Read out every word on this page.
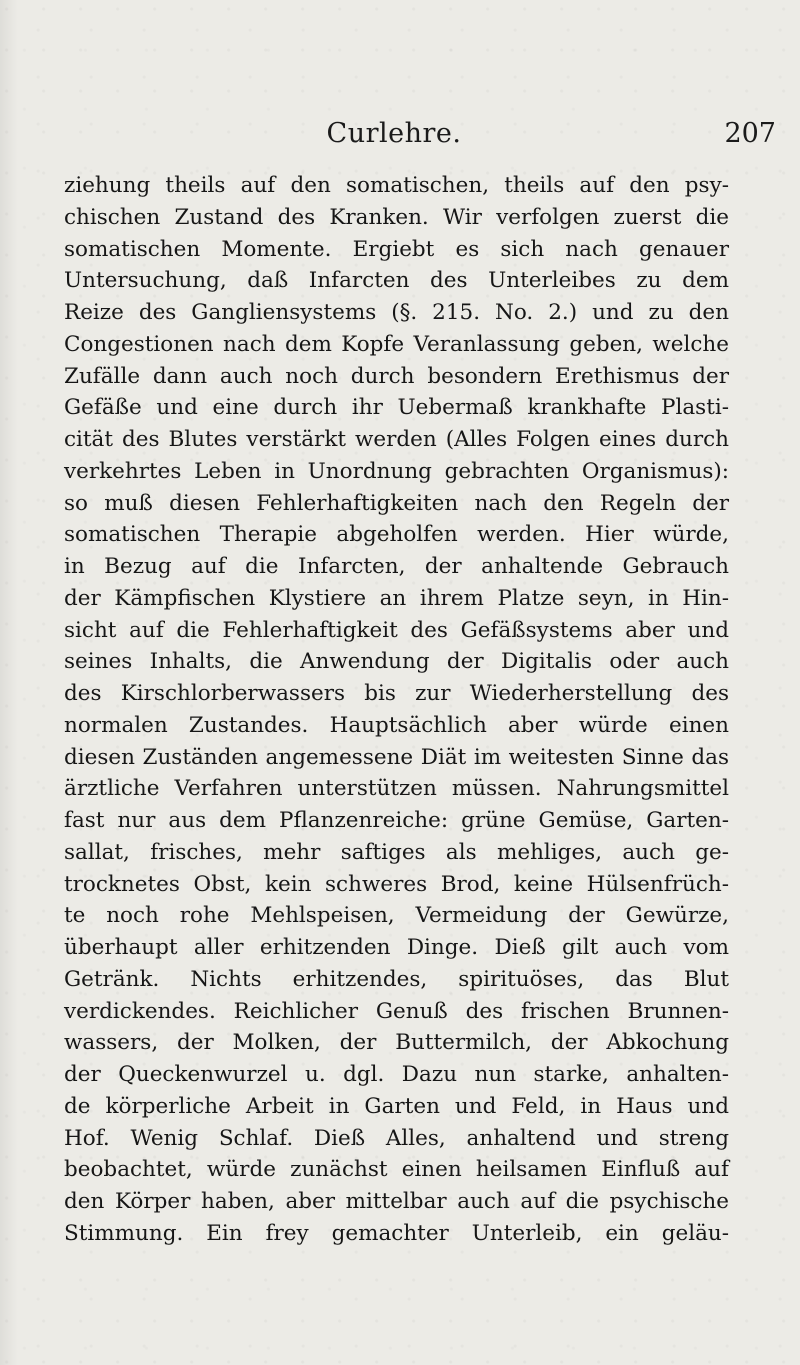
Curlehre.	207
ziehung theils auf den somatischen, theils auf den psy-
chischen Zustand des Kranken. Wir verfolgen zuerst die
somatischen Momente. Ergiebt es sich nach genauer
Untersuchung, daß Infarcten des Unterleibes zu dem
Reize des Gangliensystems (§. 215. No. 2.) und zu den
Congestionen nach dem Kopfe Veranlassung geben, welche
Zufälle dann auch noch durch besondern Erethismus der
Gefäße und eine durch ihr Uebermaß krankhafte Plasti-
cität des Blutes verstärkt werden (Alles Folgen eines durch
verkehrtes Leben in Unordnung gebrachten Organismus):
so muß diesen Fehlerhaftigkeiten nach den Regeln der
somatischen Therapie abgeholfen werden. Hier würde,
in Bezug auf die Infarcten, der anhaltende Gebrauch
der Kämpfischen Klystiere an ihrem Platze seyn, in Hin-
sicht auf die Fehlerhaftigkeit des Gefäßsystems aber und
seines Inhalts, die Anwendung der Digitalis oder auch
des Kirschlorberwassers bis zur Wiederherstellung des
normalen Zustandes. Hauptsächlich aber würde einen
diesen Zuständen angemessene Diät im weitesten Sinne das
ärztliche Verfahren unterstützen müssen. Nahrungsmittel
fast nur aus dem Pflanzenreiche: grüne Gemüse, Garten-
sallat, frisches, mehr saftiges als mehliges, auch ge-
trocknetes Obst, kein schweres Brod, keine Hülsenfrüch-
te noch rohe Mehlspeisen, Vermeidung der Gewürze,
überhaupt aller erhitzenden Dinge. Dieß gilt auch vom
Getränk. Nichts erhitzendes, spirituöses, das Blut
verdickendes. Reichlicher Genuß des frischen Brunnen-
wassers, der Molken, der Buttermilch, der Abkochung
der Queckenwurzel u. dgl. Dazu nun starke, anhalten-
de körperliche Arbeit in Garten und Feld, in Haus und
Hof. Wenig Schlaf. Dieß Alles, anhaltend und streng
beobachtet, würde zunächst einen heilsamen Einfluß auf
den Körper haben, aber mittelbar auch auf die psychische
Stimmung. Ein frey gemachter Unterleib, ein geläu-
